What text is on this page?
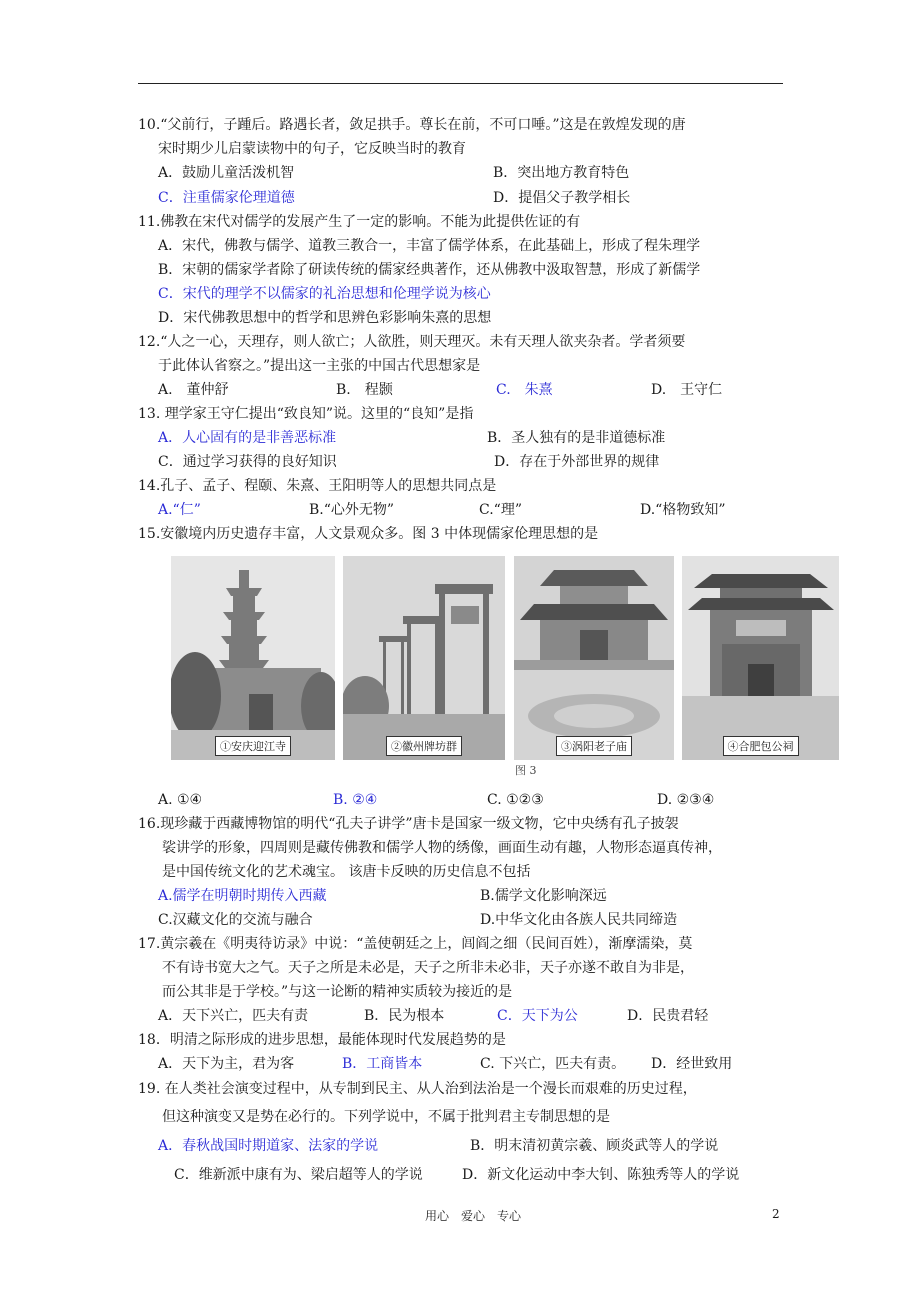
10.“父前行，子踵后。路遇长者，敛足拱手。尊长在前，不可口唾。”这是在敦煌发现的唐
宋时期少儿启蒙读物中的句子，它反映当时的教育
A．鼓励儿童活泼机智	B．突出地方教育特色
C．注重儒家伦理道德	D．提倡父子教学相长
11.佛教在宋代对儒学的发展产生了一定的影响。不能为此提供佐证的有
A．宋代，佛教与儒学、道教三教合一，丰富了儒学体系，在此基础上，形成了程朱理学
B．宋朝的儒家学者除了研读传统的儒家经典著作，还从佛教中汲取智慧，形成了新儒学
C．宋代的理学不以儒家的礼治思想和伦理学说为核心
D．宋代佛教思想中的哲学和思辨色彩影响朱熹的思想
12.“人之一心，天理存，则人欲亡；人欲胜，则天理灭。未有天理人欲夹杂者。学者须要
于此体认省察之。”提出这一主张的中国古代思想家是
A.　董仲舒	B.　程颢	C.　朱熹	D.　王守仁
13. 理学家王守仁提出“致良知”说。这里的“良知”是指
A．人心固有的是非善恶标准	B．圣人独有的是非道德标准
C．通过学习获得的良好知识	D．存在于外部世界的规律
14.孔子、孟子、程颐、朱熹、王阳明等人的思想共同点是
A.“仁”	B.“心外无物”	C.“理”	D.“格物致知”
15.安徽境内历史遗存丰富，人文景观众多。图 3 中体现儒家伦理思想的是
①安庆迎江寺	②徽州牌坊群	③涡阳老子庙	④合肥包公祠
图 3
A. ①④	B. ②④	C. ①②③	D. ②③④
16.现珍藏于西藏博物馆的明代“孔夫子讲学”唐卡是国家一级文物，它中央绣有孔子披袈
裟讲学的形象，四周则是藏传佛教和儒学人物的绣像，画面生动有趣，人物形态逼真传神，
是中国传统文化的艺术魂宝。 该唐卡反映的历史信息不包括
A.儒学在明朝时期传入西藏	B.儒学文化影响深远
C.汉藏文化的交流与融合	D.中华文化由各族人民共同缔造
17.黄宗羲在《明夷待访录》中说：“盖使朝廷之上，闾阎之细（民间百姓），渐摩濡染，莫
不有诗书宽大之气。天子之所是未必是，天子之所非未必非，天子亦遂不敢自为非是，
而公其非是于学校。”与这一论断的精神实质较为接近的是
A．天下兴亡，匹夫有责	B．民为根本	C．天下为公	D．民贵君轻
18．明清之际形成的进步思想，最能体现时代发展趋势的是
A．天下为主，君为客	B．工商皆本	C. 下兴亡，匹夫有责。 D．经世致用
19. 在人类社会演变过程中，从专制到民主、从人治到法治是一个漫长而艰难的历史过程，
但这种演变又是势在必行的。下列学说中，不属于批判君主专制思想的是
A．春秋战国时期道家、法家的学说	B．明末清初黄宗羲、顾炎武等人的学说
C．维新派中康有为、梁启超等人的学说	D．新文化运动中李大钊、陈独秀等人的学说
用心　爱心　专心	2
